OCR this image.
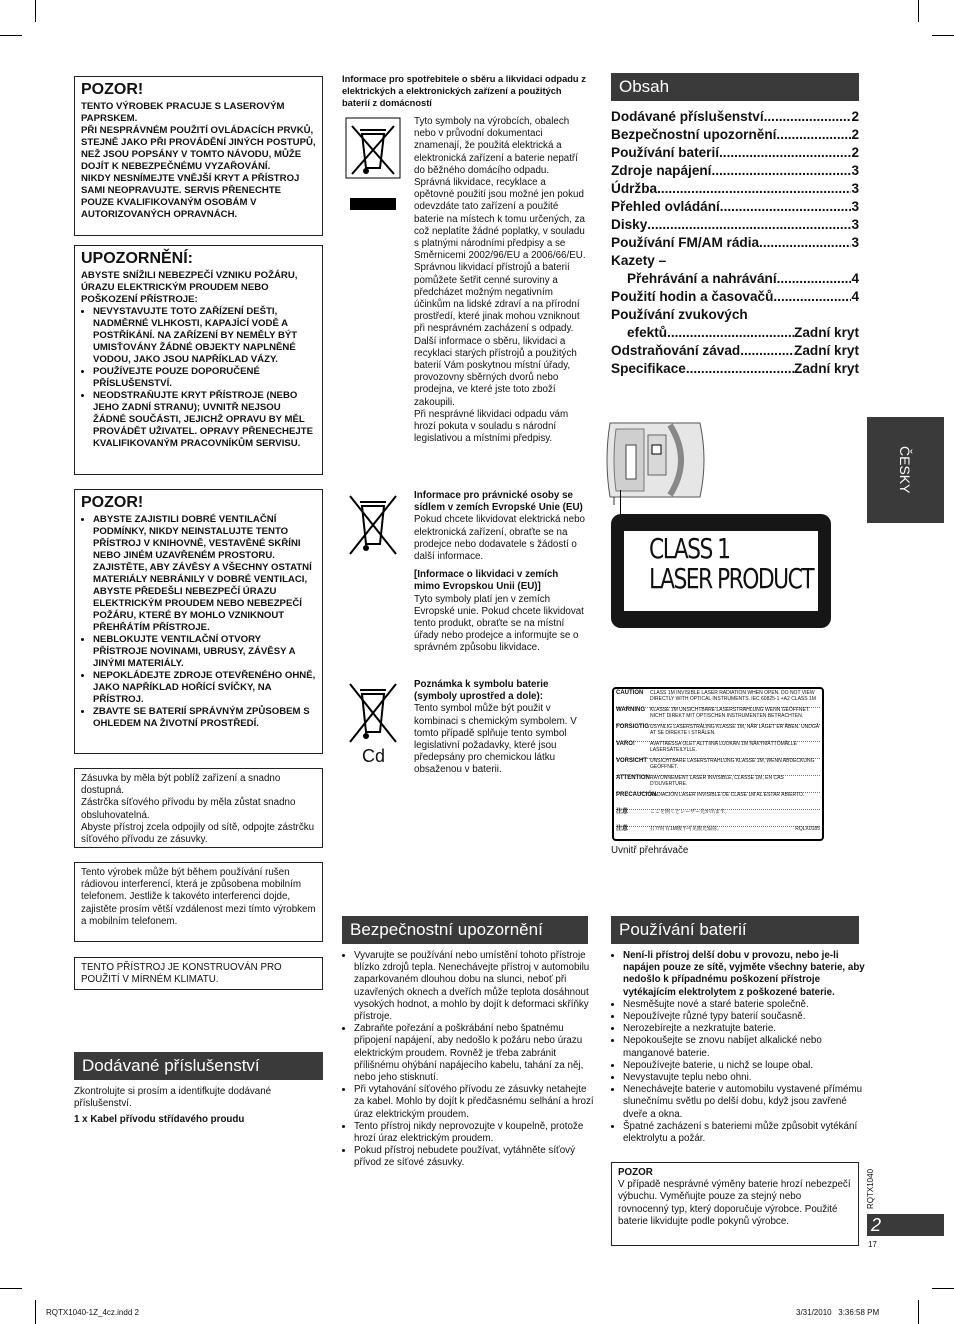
POZOR!
TENTO VÝROBEK PRACUJE S LASEROVÝM PAPRSKEM.
PŘI NESPRÁVNÉM POUŽITÍ OVLÁDACÍCH PRVKŮ, STEJNĚ JAKO PŘI PROVÁDĚNÍ JINÝCH POSTUPŮ, NEŽ JSOU POPSÁNY V TOMTO NÁVODU, MŮŽE DOJÍT K NEBEZPEČNÉMU VYZAŘOVÁNÍ.
NIKDY NESNÍMEJTE VNĚJŠÍ KRYT A PŘÍSTROJ SAMI NEOPRAVUJTE. SERVIS PŘENECHTE POUZE KVALIFIKOVANÝM OSOBÁM V AUTORIZOVANÝCH OPRAVNÁCH.
UPOZORNĚNÍ:
ABYSTE SNÍŽILI NEBEZPEČÍ VZNIKU POŽÁRU, ÚRAZU ELEKTRICKÝM PROUDEM NEBO POŠKOZENÍ PŘÍSTROJE:
• NEVYSTAVUJTE TOTO ZAŘÍZENÍ DEŠTI, NADMĚRNÉ VLHKOSTI, KAPAJÍCÍ VODĚ A POSTŘÍKÁNÍ. NA ZAŘÍZENÍ BY NEMĚLY BÝT UMISŤOVÁNY ŽÁDNÉ OBJEKTY NAPLNĚNÉ VODOU, JAKO JSOU NAPŘÍKLAD VÁZY.
• POUŽÍVEJTE POUZE DOPORUČENÉ PŘÍSLUŠENSTVÍ.
• NEODSTRAŇUJTE KRYT PŘÍSTROJE (NEBO JEHO ZADNÍ STRANU); UVNITŘ NEJSOU ŽÁDNÉ SOUČÁSTI, JEJICHŽ OPRAVU BY MĚL PROVÁDĚT UŽIVATEL. OPRAVY PŘENECHEJTE KVALIFIKOVANÝM PRACOVNÍKŮM SERVISU.
POZOR!
• ABYSTE ZAJISTILI DOBRÉ VENTILAČNÍ PODMÍNKY, NIKDY NEINSTALUJTE TENTO PŘÍSTROJ V KNIHOVNĚ, VESTAVĚNÉ SKŘÍNI NEBO JINÉM UZAVŘENÉM PROSTORU. ZAJISTĚTE, ABY ZÁVĚSY A VŠECHNY OSTATNÍ MATERIÁLY NEBRÁNILY V DOBRÉ VENTILACI, ABYSTE PŘEDEŠLI NEBEZPEČÍ ÚRAZU ELEKTRICKÝM PROUDEM NEBO NEBEZPEČÍ POŽÁRU, KTERÉ BY MOHLO VZNIKNOUT PŘEHŘÁTÍM PŘÍSTROJE.
• NEBLOKUJTE VENTILAČNÍ OTVORY PŘÍSTROJE NOVINAMI, UBRUSY, ZÁVĚSY A JINÝMI MATERIÁLY.
• NEPOKLÁDEJTE ZDROJE OTEVŘENÉHO OHNĚ, JAKO NAPŘÍKLAD HOŘÍCÍ SVÍČKY, NA PŘÍSTROJ.
• ZBAVTE SE BATERIÍ SPRÁVNÝM ZPŮSOBEM S OHLEDEM NA ŽIVOTNÍ PROSTŘEDÍ.
Zásuvka by měla být poblíž zařízení a snadno dostupná.
Zástrčka síťového přívodu by měla zůstat snadno obsluhovatelná.
Abyste přístroj zcela odpojily od sítě, odpojte zástrčku síťového přívodu ze zásuvky.
Tento výrobek může být během používání rušen rádiovou interferencí, která je způsobena mobilním telefonem. Jestliže k takovéto interferenci dojde, zajistěte prosím větší vzdálenost mezi tímto výrobkem a mobilním telefonem.
TENTO PŘÍSTROJ JE KONSTRUOVÁN PRO POUŽITÍ V MÍRNÉM KLIMATU.
Dodávané příslušenství
Zkontrolujte si prosím a identifkujte dodávané příslušenství.
1 x Kabel přívodu střídavého proudu
Informace pro spotřebitele o sběru a likvidaci odpadu z elektrických a elektronických zařízení a použitých baterií z domácností
Tyto symboly na výrobcích, obalech nebo v průvodní dokumentaci znamenají, že použitá elektrická a elektronická zařízení a baterie nepatří do běžného domácího odpadu.
Správná likvidace, recyklace a opětovné použití jsou možné jen pokud odevzdáte tato zařízení a použité baterie na místech k tomu určených, za což neplatíte žádné poplatky, v souladu s platnými národními předpisy a se Směrnicemi 2002/96/EU a 2006/66/EU.
Správnou likvidací přístrojů a baterií pomůžete šetřit cenné suroviny a předcházet možným negativním účinkům na lidské zdraví a na přírodní prostředí, které jinak mohou vzniknout při nesprávném zacházení s odpady.
Další informace o sběru, likvidaci a recyklaci starých přístrojů a použitých baterií Vám poskytnou místní úřady, provozovny sběrných dvorů nebo prodejna, ve které jste toto zboží zakoupili.
Při nesprávné likvidaci odpadu vám hrozí pokuta v souladu s národní legislativou a místními předpisy.
Informace pro právnické osoby se sídlem v zemích Evropské Unie (EU)
Pokud chcete likvidovat elektrická nebo elektronická zařízení, obraťte se na prodejce nebo dodavatele s žádostí o další informace.
[Informace o likvidaci v zemích mimo Evropskou Unii (EU)]
Tyto symboly platí jen v zemích Evropské unie. Pokud chcete likvidovat tento produkt, obraťte se na místní úřady nebo prodejce a informujte se o správném způsobu likvidace.
Cd
Poznámka k symbolu baterie (symboly uprostřed a dole):
Tento symbol může být použit v kombinaci s chemickým symbolem. V tomto případě splňuje tento symbol legislativní požadavky, které jsou předepsány pro chemickou látku obsaženou v baterii.
Bezpečnostní upozornění
• Vyvarujte se používání nebo umístění tohoto přístroje blízko zdrojů tepla. Nenechávejte přístroj v automobilu zaparkovaném dlouhou dobu na slunci, neboť při uzavřených oknech a dveřích může teplota dosáhnout vysokých hodnot, a mohlo by dojít k deformaci skříňky přístroje.
• Zabraňte pořezání a poškrábání nebo špatnému připojení napájení, aby nedošlo k požáru nebo úrazu elektrickým proudem. Rovněž je třeba zabránit přílišnému ohýbání napájecího kabelu, tahání za něj, nebo jeho stisknutí.
• Při vytahování síťového přívodu ze zásuvky netahejte za kabel. Mohlo by dojít k předčasnému selhání a hrozí úraz elektrickým proudem.
• Tento přístroj nikdy neprovozujte v koupelně, protože hrozí úraz elektrickým proudem.
• Pokud přístroj nebudete používat, vytáhněte síťový přívod ze síťové zásuvky.
Obsah
Dodávané příslušenství .....	2
Bezpečnostní upozornění .....	2
Používání baterií .....	2
Zdroje napájení .....	3
Údržba .....	3
Přehled ovládání .....	3
Disky .....	3
Používání FM/AM rádia .....	3
Kazety –
Přehrávání a nahrávání .....	4
Použití hodin a časovačů .....	4
Používání zvukových
efektů .....	Zadní kryt
Odstraňování závad .....	Zadní kryt
Specifikace .....	Zadní kryt
CLASS 1
LASER PRODUCT
CAUTION	CLASS 1M INVISIBLE LASER RADIATION WHEN OPEN. DO NOT VIEW DIRECTLY WITH OPTICAL INSTRUMENTS. IEC 60825-1 +A2 CLASS 1M
WARNING	KLASSE 1M UNSICHTBARE LASERSTRAHLUNG WENN GEÖFFNET. NICHT DIREKT MIT OPTISCHEN INSTRUMENTEN BETRACHTEN.
FORSIGTIG USYNLIG LASERSTRÅLING KLASSE 1M, NÅR LÅGET ER ÅBEN. UNDGÅ AT SE DIREKTE I STRÅLEN.
VARO!	AVATTAESSA OLET ALTTIINA LUOKAN 1M NÄKYMÄTTÖMÄLLE LASERSÄTEILYLLE.
VORSICHT UNSICHTBARE LASERSTRAHLUNG KLASSE 1M, WENN ABDECKUNG GEÖFFNET.
ATTENTION RAYONNEMENT LASER INVISIBLE, CLASSE 1M, EN CAS D'OUVERTURE.
PRECAUCIÓN
RADIACIÓN LÁSER INVISIBLE DE CLASE 1M AL ESTAR ABIERTO.
注意	ここを開くとレーザー光が出ます。
注意	打开时有1M级不可见激光辐射。	RQLX0185
Uvnitř přehrávače
Používání baterií
• Není-li přístroj delší dobu v provozu, nebo je-li napájen pouze ze sítě, vyjměte všechny baterie, aby nedošlo k případnému poškození přístroje vytékajícím elektrolytem z poškozené baterie.
• Nesměšujte nové a staré baterie společně.
• Nepoužívejte různé typy baterií současně.
• Nerozebírejte a nezkratujte baterie.
• Nepokoušejte se znovu nabíjet alkalické nebo manganové baterie.
• Nepoužívejte baterie, u nichž se loupe obal.
• Nevystavujte teplu nebo ohni.
• Nenechávejte baterie v automobilu vystavené přímému slunečnímu světlu po delší dobu, když jsou zavřené dveře a okna.
• Špatné zacházení s bateriemi může způsobit vytékání elektrolytu a požár.
POZOR
V případě nesprávné výměny baterie hrozí nebezpečí výbuchu. Vyměňujte pouze za stejný nebo rovnocenný typ, který doporučuje výrobce. Použité baterie likvidujte podle pokynů výrobce.
ČESKY
RQTX1040
2
17
RQTX1040-1Z_4cz.indd 2	3/31/2010   3:36:58 PM
